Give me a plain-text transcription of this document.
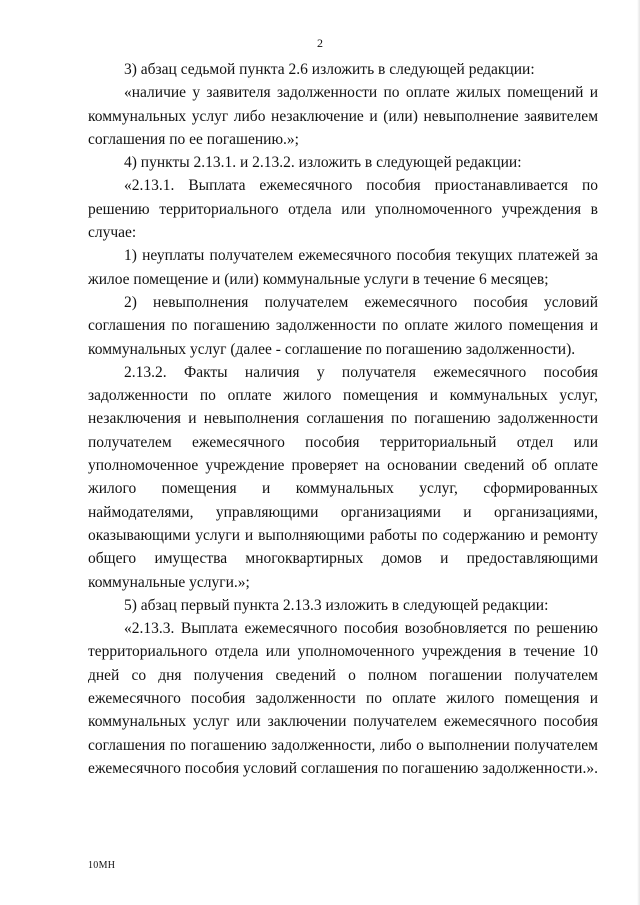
2

3) абзац седьмой пункта 2.6 изложить в следующей редакции:

«наличие у заявителя задолженности по оплате жилых помещений и коммунальных услуг либо незаключение и (или) невыполнение заявителем соглашения по ее погашению.»;

4) пункты 2.13.1. и 2.13.2. изложить в следующей редакции:

«2.13.1. Выплата ежемесячного пособия приостанавливается по решению территориального отдела или уполномоченного учреждения в случае:

1) неуплаты получателем ежемесячного пособия текущих платежей за жилое помещение и (или) коммунальные услуги в течение 6 месяцев;

2) невыполнения получателем ежемесячного пособия условий соглашения по погашению задолженности по оплате жилого помещения и коммунальных услуг (далее - соглашение по погашению задолженности).

2.13.2. Факты наличия у получателя ежемесячного пособия задолженности по оплате жилого помещения и коммунальных услуг, незаключения и невыполнения соглашения по погашению задолженности получателем ежемесячного пособия территориальный отдел или уполномоченное учреждение проверяет на основании сведений об оплате жилого помещения и коммунальных услуг, сформированных наймодателями, управляющими организациями и организациями, оказывающими услуги и выполняющими работы по содержанию и ремонту общего имущества многоквартирных домов и предоставляющими коммунальные услуги.»;

5) абзац первый пункта 2.13.3 изложить в следующей редакции:

«2.13.3. Выплата ежемесячного пособия возобновляется по решению территориального отдела или уполномоченного учреждения в течение 10 дней со дня получения сведений о полном погашении получателем ежемесячного пособия задолженности по оплате жилого помещения и коммунальных услуг или заключении получателем ежемесячного пособия соглашения по погашению задолженности, либо о выполнении получателем ежемесячного пособия условий соглашения по погашению задолженности.».

10МН
